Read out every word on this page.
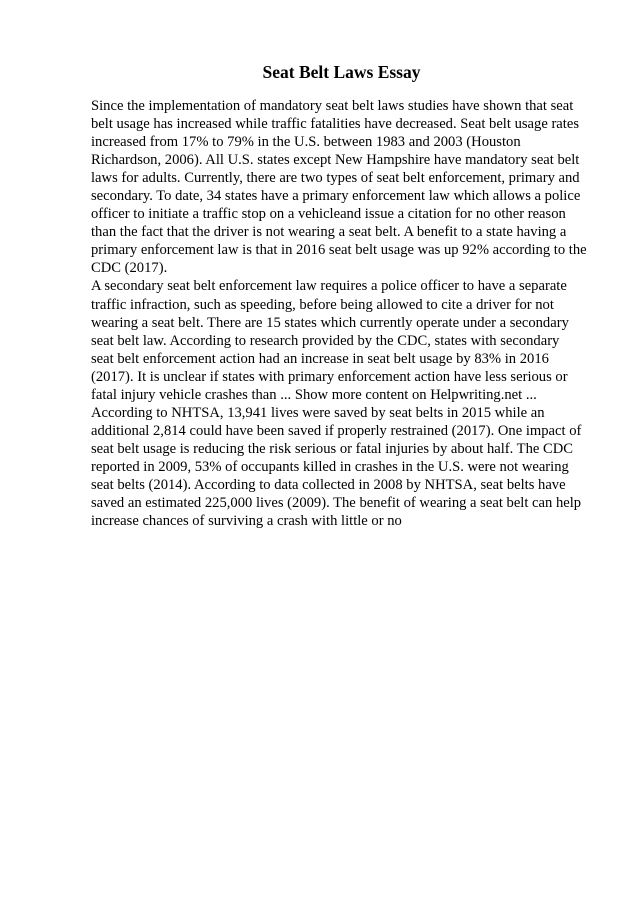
Seat Belt Laws Essay

Since the implementation of mandatory seat belt laws studies have shown that seat
belt usage has increased while traffic fatalities have decreased. Seat belt usage rates
increased from 17% to 79% in the U.S. between 1983 and 2003 (Houston
Richardson, 2006). All U.S. states except New Hampshire have mandatory seat belt
laws for adults. Currently, there are two types of seat belt enforcement, primary and
secondary. To date, 34 states have a primary enforcement law which allows a police
officer to initiate a traffic stop on a vehicleand issue a citation for no other reason
than the fact that the driver is not wearing a seat belt. A benefit to a state having a
primary enforcement law is that in 2016 seat belt usage was up 92% according to the
CDC (2017).

A secondary seat belt enforcement law requires a police officer to have a separate
traffic infraction, such as speeding, before being allowed to cite a driver for not
wearing a seat belt. There are 15 states which currently operate under a secondary
seat belt law. According to research provided by the CDC, states with secondary
seat belt enforcement action had an increase in seat belt usage by 83% in 2016
(2017). It is unclear if states with primary enforcement action have less serious or
fatal injury vehicle crashes than ... Show more content on Helpwriting.net ...
According to NHTSA, 13,941 lives were saved by seat belts in 2015 while an
additional 2,814 could have been saved if properly restrained (2017). One impact of
seat belt usage is reducing the risk serious or fatal injuries by about half. The CDC
reported in 2009, 53% of occupants killed in crashes in the U.S. were not wearing
seat belts (2014). According to data collected in 2008 by NHTSA, seat belts have
saved an estimated 225,000 lives (2009). The benefit of wearing a seat belt can help
increase chances of surviving a crash with little or no
